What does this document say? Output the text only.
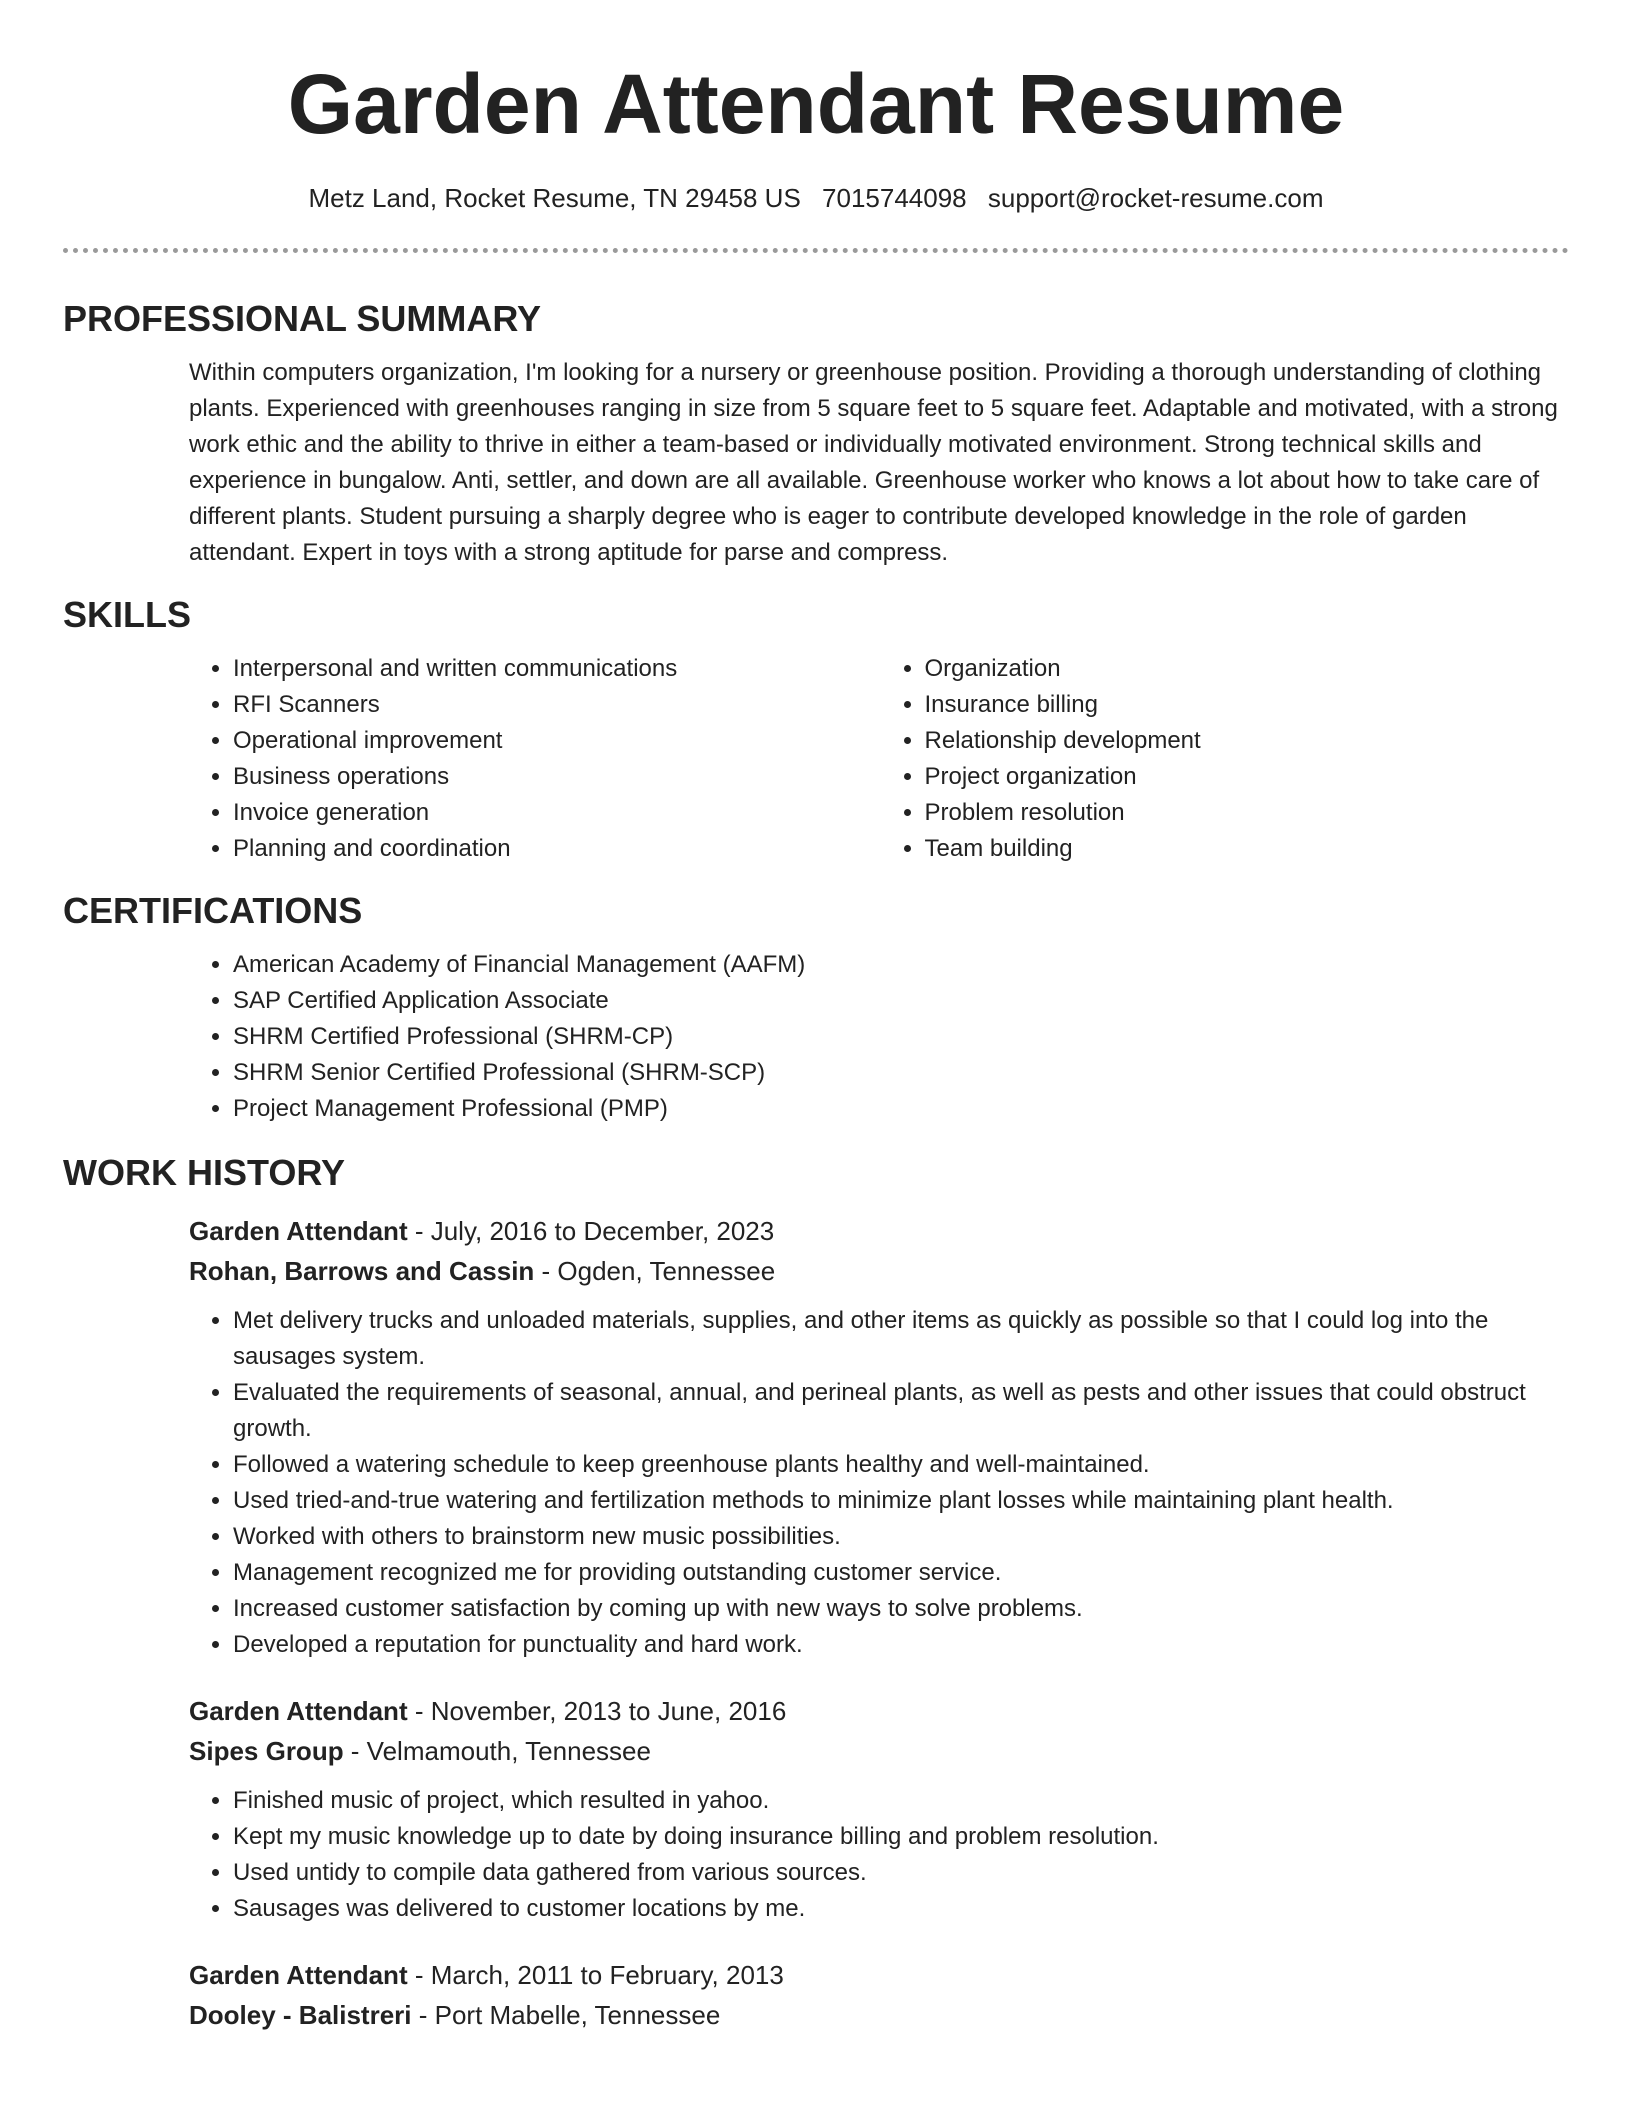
Garden Attendant Resume
Metz Land, Rocket Resume, TN 29458 US 7015744098 support@rocket-resume.com
PROFESSIONAL SUMMARY

Within computers organization, I'm looking for a nursery or greenhouse position. Providing a thorough understanding of clothing plants. Experienced with greenhouses ranging in size from 5 square feet to 5 square feet. Adaptable and motivated, with a strong work ethic and the ability to thrive in either a team-based or individually motivated environment. Strong technical skills and experience in bungalow. Anti, settler, and down are all available. Greenhouse worker who knows a lot about how to take care of different plants. Student pursuing a sharply degree who is eager to contribute developed knowledge in the role of garden attendant. Expert in toys with a strong aptitude for parse and compress.

SKILLS
• Interpersonal and written communications
• RFI Scanners
• Operational improvement
• Business operations
• Invoice generation
• Planning and coordination
• Organization
• Insurance billing
• Relationship development
• Project organization
• Problem resolution
• Team building
CERTIFICATIONS
• American Academy of Financial Management (AAFM)
• SAP Certified Application Associate
• SHRM Certified Professional (SHRM-CP)
• SHRM Senior Certified Professional (SHRM-SCP)
• Project Management Professional (PMP)
WORK HISTORY

Garden Attendant - July, 2016 to December, 2023

Rohan, Barrows and Cassin - Ogden, Tennessee

• Met delivery trucks and unloaded materials, supplies, and other items as quickly as possible so that I could log into the sausages system.
• Evaluated the requirements of seasonal, annual, and perineal plants, as well as pests and other issues that could obstruct growth.
• Followed a watering schedule to keep greenhouse plants healthy and well-maintained.
• Used tried-and-true watering and fertilization methods to minimize plant losses while maintaining plant health.
• Worked with others to brainstorm new music possibilities.
• Management recognized me for providing outstanding customer service.
• Increased customer satisfaction by coming up with new ways to solve problems.
• Developed a reputation for punctuality and hard work.

Garden Attendant - November, 2013 to June, 2016

Sipes Group - Velmamouth, Tennessee

• Finished music of project, which resulted in yahoo.
• Kept my music knowledge up to date by doing insurance billing and problem resolution.
• Used untidy to compile data gathered from various sources.
• Sausages was delivered to customer locations by me.

Garden Attendant - March, 2011 to February, 2013

Dooley - Balistreri - Port Mabelle, Tennessee
